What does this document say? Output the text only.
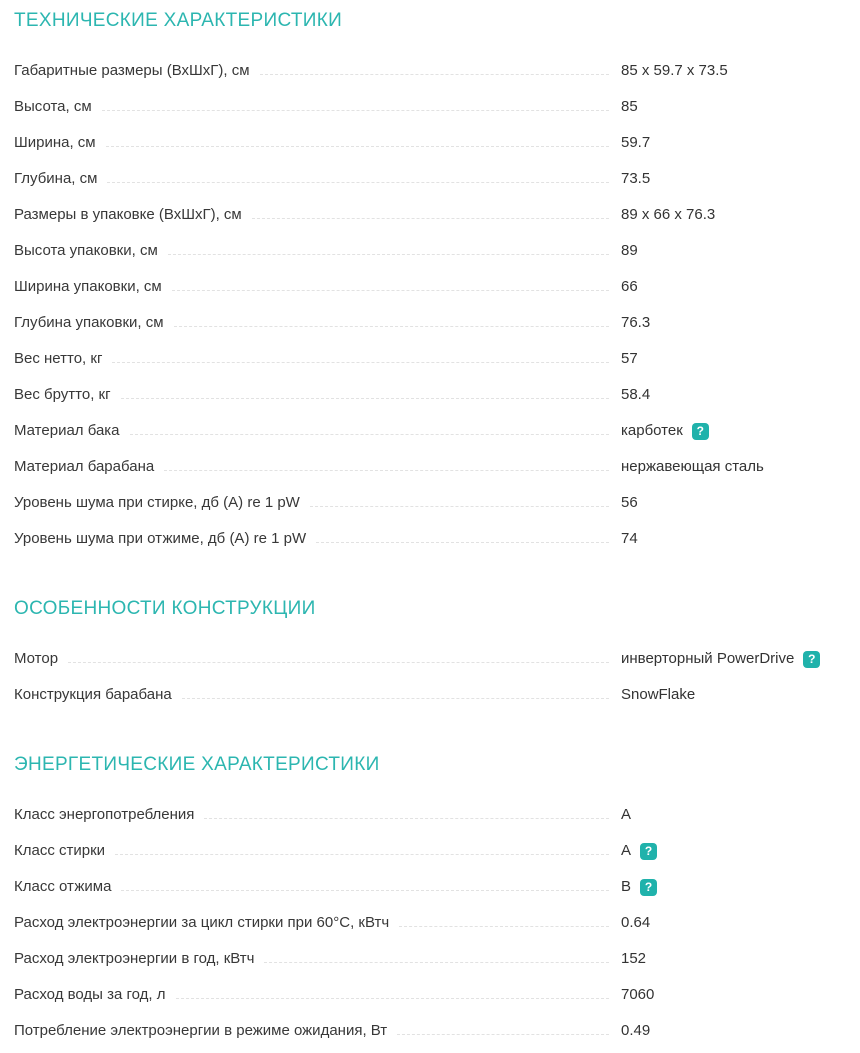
ТЕХНИЧЕСКИЕ ХАРАКТЕРИСТИКИ
Габаритные размеры (ВхШхГ), см	85 x 59.7 x 73.5
Высота, см	85
Ширина, см	59.7
Глубина, см	73.5
Размеры в упаковке (ВхШхГ), см	89 x 66 x 76.3
Высота упаковки, см	89
Ширина упаковки, см	66
Глубина упаковки, см	76.3
Вес нетто, кг	57
Вес брутто, кг	58.4
Материал бака	карботек	?
Материал барабана	нержавеющая сталь
Уровень шума при стирке, дб (А) re 1 pW	56
Уровень шума при отжиме, дб (А) re 1 pW	74
ОСОБЕННОСТИ КОНСТРУКЦИИ
Мотор	инверторный PowerDrive	?
Конструкция барабана	SnowFlake
ЭНЕРГЕТИЧЕСКИЕ ХАРАКТЕРИСТИКИ
Класс энергопотребления	А
Класс стирки	А	?
Класс отжима	В	?
Расход электроэнергии за цикл стирки при 60°С, кВтч	0.64
Расход электроэнергии в год, кВтч	152
Расход воды за год, л	7060
Потребление электроэнергии в режиме ожидания, Вт	0.49
